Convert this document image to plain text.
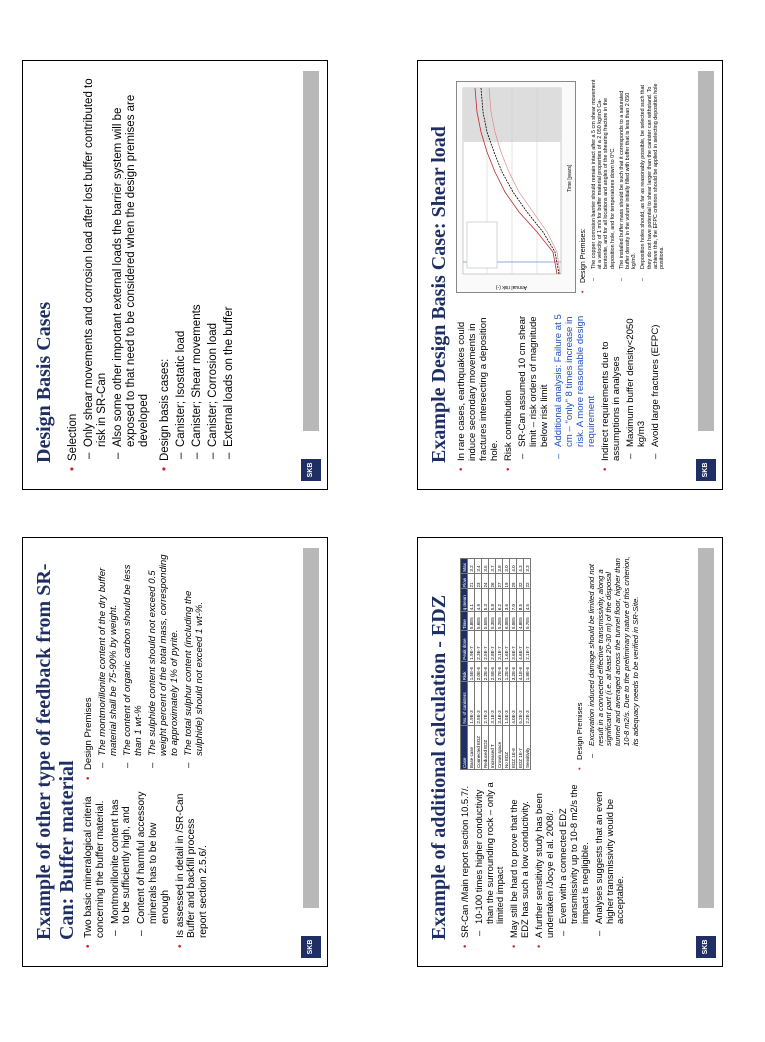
Design Basis Cases • Selection – Only shear movements and corrosion load after lost buffer contributed to risk in SR-Can – Also some other important external loads the barrier system will be exposed to that need to be considered when the design premises are developed • Design basis cases: – Canister; Isostatic load – Canister; Shear movements – Canister; Corrosion load – External loads on the buffer
SKB
Example Design Basis Case: Shear load • In rare cases, earthquakes could induce secondary movements in fractures intersecting a deposition hole. • Risk contribution – SR-Can assumed 10 cm shear limit – risk orders of magnitude below risk limit – Additional analysis: Failure at 5 cm – "only" 8 times increase in risk. A more reasonable design requirement • Indirect requirements due to assumptions in analyses – Maximum buffer density<2050 kg/m3 – Avoid large fractures (EFPC)
Annual risk (-)
Time [years]
• Design Premises: – The copper corrosion barrier should remain intact after a 5 cm shear movement at a velocity of 1 m/s for buffer material properties of a 2 050 kg/m3 Ca-bentonite, and for all locations and angles of the shearing fracture in the deposition hole, and for temperatures down to 0°C. – The installed buffer mass should be such that it corresponds to a saturated buffer density in the volume initially filled with buffer that is less than 2 050 kg/m3. – Deposition holes should, as far as reasonably possible, be selected such that they do not have potential to shear larger than the canister can withstand. To achieve this, the EFPC criterion should be applied in selecting deposition hole positions.
SKB
Example of other type of feedback from SR-Can: Buffer material • Two basic mineralogical criteria concerning the buffer material. – Montmorillonite content has to be sufficiently high, and – Content of harmful accessory minerals has to be low enough • Is assessed in detail in /SR-Can Buffer and backfill process report section 2.5.6/.
• Design Premises – The montmorillonite content of the dry buffer material shall be 75-90% by weight. – The content of organic carbon should be less than 1 wt-% – The sulphide content should not exceed 0.5 weight percent of the total mass, corresponding to approximately 1% of pyrite. – The total sulphur content (including the sulphide) should not exceed 1 wt-%.
SKB
Example of additional calculation - EDZ • SR-Can /Main report section 10.5.7/. – 10-100 times higher conductivity than the surrounding rock – only a limited impact • May still be hard to prove that the EDZ has such a low conductivity. • A further sensitivity study has been undertaken /Jocye el al. 2008/. – Even with a connected EDZ transmissivity up to 10-8 m2/s the impact is negligible. – Analyses suggests that an even higher transmissivity would be acceptable.
Case	No. of canisters	Risk	Peak dose	Time	q mean	Flow	Max
Base case	1.9E-3	1.5E-6	1.9E-7	5.8E5	4.1	21	3.2
Connected EDZ	2.5E-3	2.0E-6	2.3E-7	5.6E5	4.9	23	3.4
Reduced EDZ	2.7E-3	2.2E-6	2.5E-7	5.5E5	5.3	24	3.5
Increased T	3.1E-3	2.5E-6	2.8E-7	5.3E5	5.8	26	3.7
Crown space	3.4E-3	2.7E-6	3.1E-7	5.2E5	6.2	27	3.8
No EDZ	1.5E-3	1.2E-6	1.6E-7	6.0E5	3.6	19	3.0
EDZ 1E-8	4.0E-3	3.2E-6	3.6E-7	5.0E5	7.0	29	4.0
EDZ 1E-7	5.2E-3	4.1E-6	4.6E-7	4.8E5	8.5	32	4.3
Sensitivity	2.2E-3	1.8E-6	2.1E-7	5.7E5	4.5	22	3.3
• Design Premises – Excavation induced damage should be limited and not result in a connected effective transmissivity, along a significant part (i.e. at least 20-30 m) of the disposal tunnel and averaged across the tunnel floor, higher than 10-8 m2/s. Due to the preliminary nature of this criterion, its adequacy needs to be verified in SR-Site.
SKB
